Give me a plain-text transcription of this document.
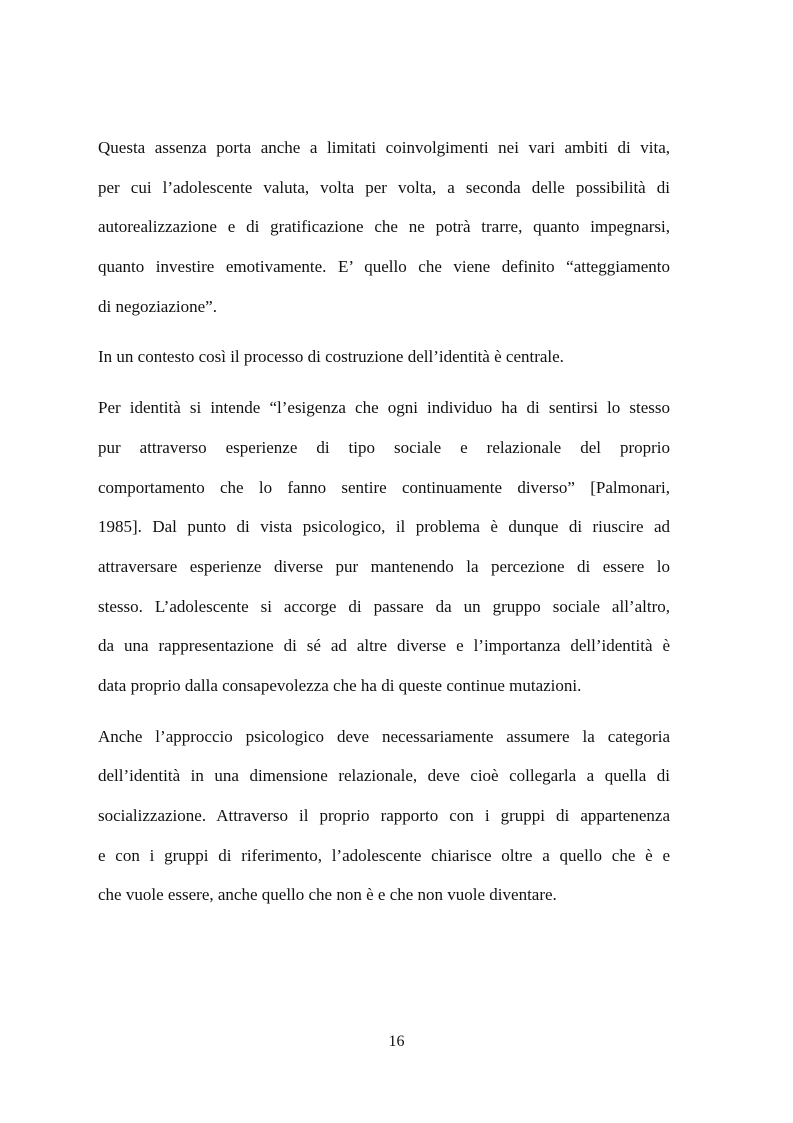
Questa assenza porta anche a limitati coinvolgimenti nei vari ambiti di vita,
per cui l’adolescente valuta, volta per volta, a seconda delle possibilità di
autorealizzazione e di gratificazione che ne potrà trarre, quanto impegnarsi,
quanto investire emotivamente. E’ quello che viene definito “atteggiamento
di negoziazione”.

In un contesto così il processo di costruzione dell’identità è centrale.

Per identità si intende “l’esigenza che ogni individuo ha di sentirsi lo stesso
pur attraverso esperienze di tipo sociale e relazionale del proprio
comportamento che lo fanno sentire continuamente diverso” [Palmonari,
1985]. Dal punto di vista psicologico, il problema è dunque di riuscire ad
attraversare esperienze diverse pur mantenendo la percezione di essere lo
stesso. L’adolescente si accorge di passare da un gruppo sociale all’altro,
da una rappresentazione di sé ad altre diverse e l’importanza dell’identità è
data proprio dalla consapevolezza che ha di queste continue mutazioni.

Anche l’approccio psicologico deve necessariamente assumere la categoria
dell’identità in una dimensione relazionale, deve cioè collegarla a quella di
socializzazione. Attraverso il proprio rapporto con i gruppi di appartenenza
e con i gruppi di riferimento, l’adolescente chiarisce oltre a quello che è e
che vuole essere, anche quello che non è e che non vuole diventare.

16
